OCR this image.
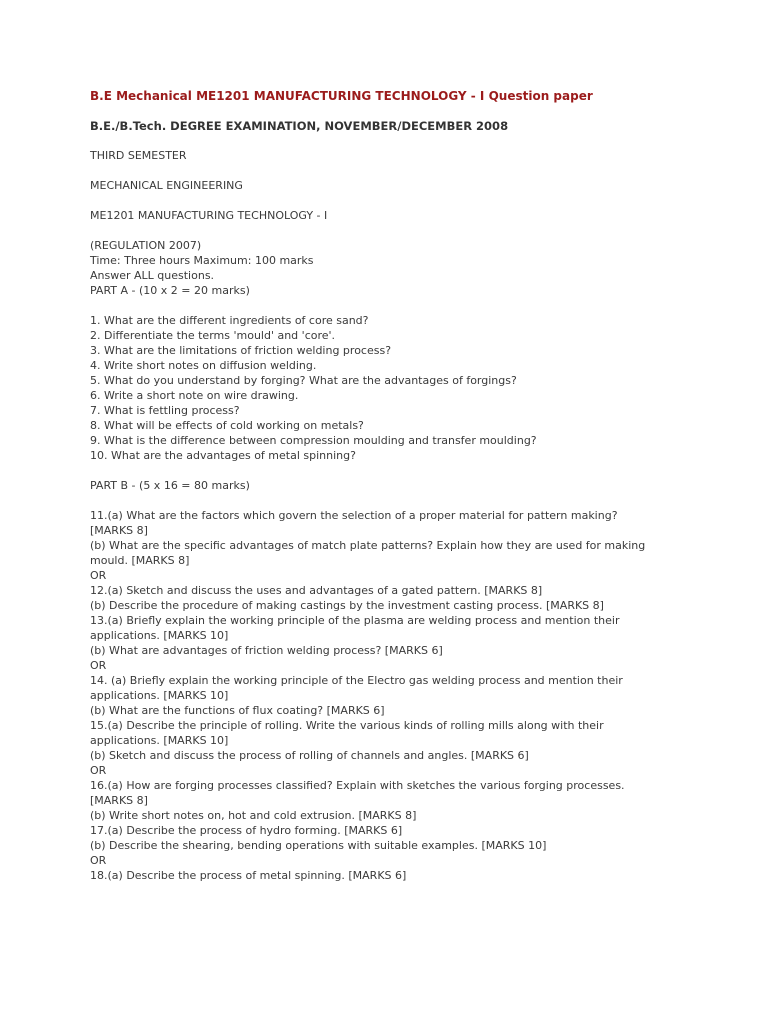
B.E Mechanical ME1201 MANUFACTURING TECHNOLOGY - I Question paper
B.E./B.Tech. DEGREE EXAMINATION, NOVEMBER/DECEMBER 2008
THIRD SEMESTER
MECHANICAL ENGINEERING
ME1201 MANUFACTURING TECHNOLOGY - I
(REGULATION 2007)
Time: Three hours Maximum: 100 marks
Answer ALL questions.
PART A - (10 x 2 = 20 marks)
1. What are the different ingredients of core sand?
2. Differentiate the terms 'mould' and 'core'.
3. What are the limitations of friction welding process?
4. Write short notes on diffusion welding.
5. What do you understand by forging? What are the advantages of forgings?
6. Write a short note on wire drawing.
7. What is fettling process?
8. What will be effects of cold working on metals?
9. What is the difference between compression moulding and transfer moulding?
10. What are the advantages of metal spinning?
PART B - (5 x 16 = 80 marks)
11.(a) What are the factors which govern the selection of a proper material for pattern making?
[MARKS 8]
(b) What are the specific advantages of match plate patterns? Explain how they are used for making
mould. [MARKS 8]
OR
12.(a) Sketch and discuss the uses and advantages of a gated pattern. [MARKS 8]
(b) Describe the procedure of making castings by the investment casting process. [MARKS 8]
13.(a) Briefly explain the working principle of the plasma are welding process and mention their
applications. [MARKS 10]
(b) What are advantages of friction welding process? [MARKS 6]
OR
14. (a) Briefly explain the working principle of the Electro gas welding process and mention their
applications. [MARKS 10]
(b) What are the functions of flux coating? [MARKS 6]
15.(a) Describe the principle of rolling. Write the various kinds of rolling mills along with their
applications. [MARKS 10]
(b) Sketch and discuss the process of rolling of channels and angles. [MARKS 6]
OR
16.(a) How are forging processes classified? Explain with sketches the various forging processes.
[MARKS 8]
(b) Write short notes on, hot and cold extrusion. [MARKS 8]
17.(a) Describe the process of hydro forming. [MARKS 6]
(b) Describe the shearing, bending operations with suitable examples. [MARKS 10]
OR
18.(a) Describe the process of metal spinning. [MARKS 6]
